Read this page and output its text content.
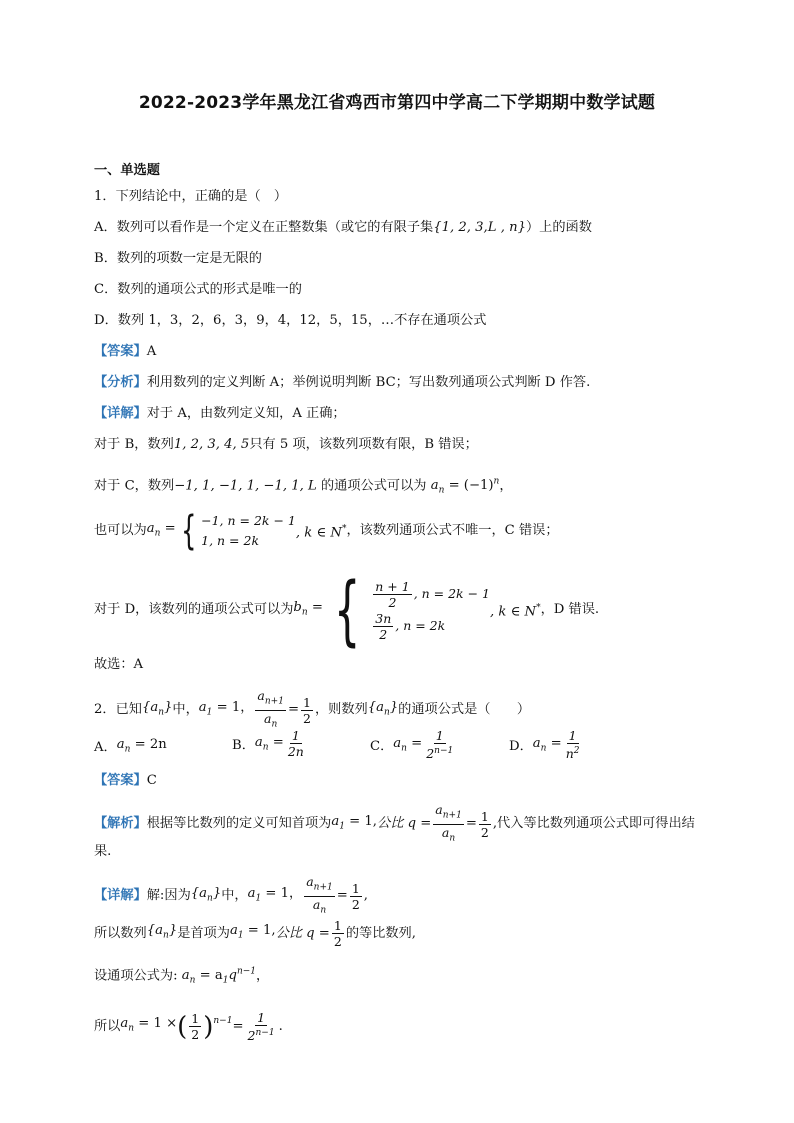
2022-2023学年黑龙江省鸡西市第四中学高二下学期期中数学试题
一、单选题
1．下列结论中，正确的是（　）
A．数列可以看作是一个定义在正整数集（或它的有限子集{1, 2, 3,L , n}）上的函数
B．数列的项数一定是无限的
C．数列的通项公式的形式是唯一的
D．数列 1，3，2，6，3，9，4，12，5，15，…不存在通项公式
【答案】A
【分析】利用数列的定义判断 A；举例说明判断 BC；写出数列通项公式判断 D 作答.
【详解】对于 A，由数列定义知，A 正确；
对于 B，数列1, 2, 3, 4, 5只有 5 项，该数列项数有限，B 错误；
对于 C，数列−1, 1, −1, 1, −1, 1, L 的通项公式可以为 $a_n = (-1)^n$，
也可以为 $a_n$ = { −1, n = 2k − 1
1, n = 2k
, k ∈ N* ，该数列通项公式不唯一，C 错误；
对于 D，该数列的通项公式可以为 $b_n$ = { $\frac{n + 1}{2}$ , n = 2k − 1
$\frac{3n}{2}$ , n = 2k
, k ∈ N* ，D 错误.
故选：A
2．已知 $\{a_n\}$ 中， $a_1 = 1$， $\frac{a_{n+1}}{a_n} = \frac{1}{2}$ ，则数列 $\{a_n\}$ 的通项公式是（　　）
A． $a_n = 2n$	B． $a_n = \frac{1}{2n}$	C． $a_n = \frac{1}{2^{n-1}}$	D． $a_n = \frac{1}{n^2}$
【答案】C
【解析】 根据等比数列的定义可知首项为 $a_1 = 1$, 公比 $q = \frac{a_{n+1}}{a_n} = \frac{1}{2}$ ,代入等比数列通项公式即可得出结
果.
【详解】 解:因为 $\{a_n\}$ 中， $a_1 = 1$， $\frac{a_{n+1}}{a_n} = \frac{1}{2}$ ,
所以数列 $\{a_n\}$ 是首项为 $a_1 = 1$, 公比 $q = \frac{1}{2}$ 的等比数列,
设通项公式为: $a_n = a_1q^{n-1}$，
所以 $a_n = 1$ × ( $\frac{1}{2} )^{n-1} = \frac{1}{2^{n-1}}$ .
